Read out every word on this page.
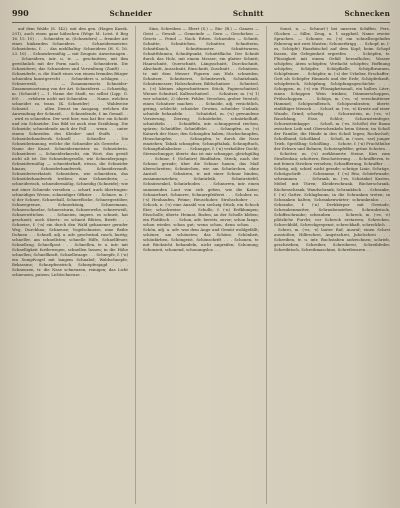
990	Schneider	Schnitt	Schnecken

auf dem Walde (S. 142). mit den gen. (Hagen Kaesk. 201), auch einen ganz hübschen (Wöge M. Leist. 8 Beg 16. 15. 10) . . . Schneider, m. (Schneiders) — fremder Art eines hinkenden Schneiders. . . Schneidermeister. Schneiderin, f. . . das mehlhaltig- Schneidern (H. S. 16. 23. 16) . . Schneidermäßig — mit Zeugnis: Anweisungen . . . Schneidern, intr. u. tr. — geschnitten; mit ihm gewöhnlich mit der Form nach . . . Schneiderin. Die Schneiderei, das Schneidern und Verwaltung (Zunft) . . . Schneiderle, n. die Stadt eines von einem fremden Bürger schneiden kunstgerecht . . . Schneiders u. schlagen . . . Schneeweiß, . . . — Zusammensetz. Schneider-Zusammensetzung von der Art. Schneiderei. — Schneidig, m. (Schneid-) — 1. Name der Stadt, wo selbst (Lipp. G. 69) . . . erfahren nicht mit Schneiden . . . Name, welchen schneidet zu, trans. (K. Schneider) . . . Wahlweise Schneid. . . . allen Dienst im Ausgang, welchen die Anwendung der Schneid, . . . Schneidende, f. im Gemaß . . . wird es schneiden. Der weit hier, was hat Ber. ein Schnitt und ein Schneider, Das Bild ist auch eine Erzählung. Die Schneide; schneidende auch der Fall . . . wenn . . . unter einem Schneiden des Kleider- und Stoffs . . . Schneiderhandwerk. Schnell . . . Schneller . . . Die Schneiderinnung, welche die Schneider als Gewerbe . . . Name der Kunst. Schneidermeister, m. Schneiderin. Schneiderei — Schneiderknecht, ein Wort, das gewiß nicht alt ist. Die Schneidergeselle, wie Schneiderjunge. Schneidermäßig — schneiderhaft, etwas, die Schneider hinaus; Schneiderhandwerk, Schneiderzunft, Schneiderwerkstatt. Schneidern, wie schneidern, das Schneiderhandwerk treiben; eine Schneiderin; — schneiderisch, schneidermäßig. Schneidig (Schneide); wie mit einer Schneide versehen — scharf, auch übertragen: schneidiges Wesen, schneidiger Offizier . . . Schnee, m. (-s) der Schnee, Schneeball, Schneeflocke, Schneegestöber, Schneegrenze, Schneekönig, Schneemann, Schneeschmelze, Schneesturm, Schneewehe, schneeweiß, Schneewittchen . . . Schneien, impers. es schneit, hat geschneit; auch übertr.: es schneit Blüten, Briefe . . . Schneise, f. (-n) ein durch den Wald gehauener gerader Weg, Durchhau; Schneuse; Vogelschneise, eine Reihe Dohnen . . . Schnell, adj. u. adv. geschwind, rasch, hurtig; schneller, am schnellsten; schnelle Hilfe, Schnellfeuer, Schnellzug, Schnellpost . . . Schnellen, tr. u. intr. mit Schnelligkeit fortbewegen, schnellen lassen; in die Höhe schnellen; Schnellkraft, Schnellwaage . . . Schnepfe, f. (-n) ein Sumpfvogel mit langem Schnabel; Waldschnepfe, Bekassine; Schnepfenstrich, Schnepfenjagd . . . Schneuzen, tr. die Nase schneuzen, reinigen; das Licht schneuzen, putzen; Lichtschneuze . . .

Sinn, Schreiben — Ebert (S.) — Ein- (B.) — Ganzes — Geist — Gewalt — Gemeinde — Gern — Geschehen — Gesetz — Feind — Nach. Erben. Schneiden — Schnitt, Schnitte, Schnittchen, Schnitter, Schnitterin, Schnittlauch, Schnittmuster, Schnittwaren, Schnittblumen, Schnittpunkt, Schnittfläche. Der Schnitt durch das Holz, mit einem Messer; ein glatter Schnitt; Haarschnitt, Querschnitt, Längsschnitt, Durchschnitt, Abschnitt, Ausschnitt, Einschnitt, Zuschnitt . . . Schnitzen, tr. mit dem Messer Figuren aus Holz schneiden; Schnitzer, Schnitzerei, Schnitzwerk, Schnitzbank, Schnitzmesser; Holzschnitzer, Bildschnitzer . . . Schnitzel, n. (-s) kleines abgeschnittenes Stück; Papierschnitzel; Wiener Schnitzel, Kalbsschnitzel . . . Schnitzer, m. (-s) 1) wer schnitzt; 2) übertr. Fehler, Versehen, grober Verstoß; einen Schnitzer machen . . . Schnöde, adj. verächtlich, gering, schlecht; schnöder Gewinn, schnöder Undank; schnöde behandeln . . . Schnörkel, m. (-s) gewundene Verzierung, Zierzug; Schnörkelei, schnörkelhaft, schnörkeln . . . Schnüffeln, intr. schnuppernd riechen, spüren; Schnüffler, Schnüffelei . . . Schnupfen, m. (-s) Katarrh der Nase; den Schnupfen haben; Stockschnupfen, Heuschnupfen . . . Schnupfen, tr. durch die Nase einziehen; Tabak schnupfen; Schnupftabak, Schnupftuch, Schnupftabaksdose . . . Schnuppe, f. (-n) verkohlter Docht; Sternschnuppe; übertr. das ist mir schnuppe, gleichgültig . . . Schnur, f. (Schnüre) Bindfaden, Strick; nach der Schnur, gerade; über die Schnur hauen, das Maß überschreiten; Schnürchen, wie am Schnürchen, ohne Anstoß . . . Schnüren, tr. mit einer Schnur binden, zusammenziehen; Schnürleib, Schnürstiefel, Schnürsenkel, Schnürboden . . . Schnurren, intr. einen summenden Laut von sich geben, wie die Katze; Schnurrbart, Schnurre, Schnurrpfeiferei . . . Schober, m. (-s) Heuhaufen, Feime; Heuschober, Strohschober . . . Schock, n. (-s) eine Anzahl von sechzig Stück; ein Schock Eier; schockweise . . . Scholle, f. (-n) Erdklumpen; Eisscholle; übertr. Heimat, Boden; an der Scholle kleben; ein Plattfisch . . . Schon, adv. bereits, zuvor; schon lange, schon wieder, schon gut; wenn schon, denn schon . . . Schön, adj. u. adv. was dem Auge und Gemüt wohlgefällt; schöner, am schönsten; das Schöne, Schönheit, schönfärben, Schöngeist, Schönschrift . . . Schonen, tr. mit Rücksicht behandeln, nicht angreifen; Schonung, Schonzeit, schonend, schonungslos . . .

Sonst, n. — Schnur(-) bei unseren Schiffen. Pers. Glocken — Silbe, Zeug, u. 1 sappheil, Name zweier Sprachen. — Schoner, m. (-s) ein schnellsegelndes Fahrzeug mit zwei Masten; Schonerbrigg . . . Schopf, m. (-es, Schöpfe) Haarbüschel auf dem Kopf; beim Schopf fassen, die Gelegenheit ergreifen . . . Schöpfen, tr. Flüssigkeit mit einem Gefäß heraufholen; Wasser schöpfen; Atem schöpfen; Verdacht schöpfen; Hoffnung schöpfen; Schöpfer, Schöpfkelle, Schöpfbrunnen, Schöpfeimer . . . Schöpfer, m. (-s) der Urheber, Erschaffer; Gott als Schöpfer Himmels und der Erde; Schöpferkraft, schöpferisch, Schöpfung, Schöpfungsgeschichte . . . Schoppen, m. (-s) ein Flüssigkeitsmaß, ein halbes Liter; einen Schoppen Wein trinken; Dämmerschoppen, Frühschoppen . . . Schöps, m. (-es, -e) verschnittener Hammel; Schöpsenfleisch, Schöpsenbraten; übertr. einfältiger Mensch . . . Schorf, m. (-es, -e) Kruste auf einer Wunde, Grind; schorfig . . . Schornstein, m. (-es, -e) Rauchfang, Esse, Schlot; Schornsteinfeger, Schornsteinkappe . . . Schoß, m. (-es, Schöße) der Raum zwischen Leib und Oberschenkeln beim Sitzen; im Schoß der Familie; die Hände in den Schoß legen; Rockschoß; Schoßhund, Schoßkind . . . Schoß, m. (-sses, -sse) junger Trieb, Sprößling; Schößling . . . Schote, f. (-n) Fruchthülse der Erbsen und Bohnen; Schotenpfeffer; grüne Schoten . . . Schotter, m. (-s) zerkleinerte Steine, Kies zum Straßenbau; schottern, Beschotterung . . . Schraffieren, tr. mit feinen Strichen versehen; Schraffierung, Schraffur . . . Schräg, adj. schief, nicht gerade; schräge Linie, Schräge, Schrägschrift . . . Schramme, f. (-n) Ritz, Schürfwunde; schrammen . . . Schrank, m. (-es, Schränke) Kasten, Möbel mit Türen; Kleiderschrank, Bücherschrank, Küchenschrank, Wandschrank; Schrankfach . . . Schranke, f. (-n) Gatter, Schlagbaum; in die Schranken treten; in Schranken halten; Schrankenwärter; schrankenlos . . . Schraube, f. (-n) Drehkörper mit Gewinde; Schraubenmutter, Schraubenzieher, Schraubstock, Schiffsschraube; schrauben . . . Schreck, m. (-es, -e) plötzliche Furcht; vor Schreck erstarren; Schrecken, Schreckbild, Schreckgespenst, schreckhaft, schrecklich . . . Schrei, m. (-es, -e) lauter Ruf, Ausruf; einen Schrei ausstoßen; Hilfeschrei, Angstschrei, Jubelschrei . . . Schreiben, tr. u. intr. Buchstaben aufzeichnen; schrieb, geschrieben; Schreiber, Schreiberei, Schreibfeder, Schreibtisch, Schreibmaschine, Schreibwaren . . .
